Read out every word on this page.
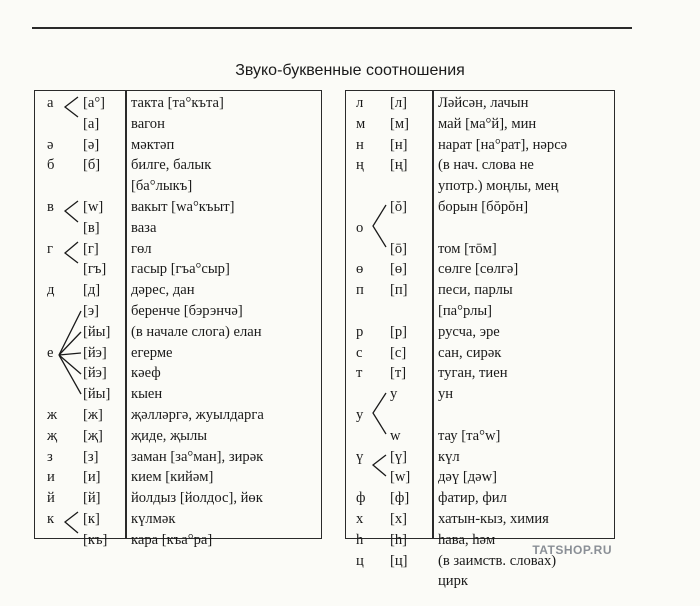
Звуко-буквенные соотношения
а [а°] такта [та°къта]
[а] вагон
ә [ә] мәктәп
б [б] билге, балык
[ба°лыкъ]
в [w] вакыт [wa°къыт]
[в] ваза
г [г] гөл
[гъ] гасыр [гъа°сыр]
д [д] дәрес, дан
[э] беренче [бэрэнчә]
[йы] (в начале слога) елан
е [йэ] егерме
[йэ] кәеф
[йы] кыен
ж [ж] җәлләргә, жуылдарга
җ [җ] җиде, җылы
з [з] заман [за°ман], зирәк
и [и] кием [кийәм]
й [й] йолдыз [йолдос], йөк
к [к] күлмәк
[къ] кара [къа°ра]
л [л] Ләйсән, лачын
м [м] май [ма°й], мин
н [н] нарат [на°рат], нәрсә
ң [ң] (в нач. слова не
употр.) моңлы, мең
[ŏ] борын [бŏрŏн]
о
[ō] том [тōм]
ө [ө] сөлге [сөлгә]
п [п] песи, парлы
[па°рлы]
р [р] русча, эре
с [с] сан, сирәк
т [т] туган, тиен
у	ун
у
w	тау [та°w]
ү [ү] күл
[w] дәү [дәw]
ф [ф] фатир, фил
х [х] хатын-кыз, химия
һ [h] һава, һәм
ц [ц] (в заимств. словах)
цирк
TATSHOP.RU
